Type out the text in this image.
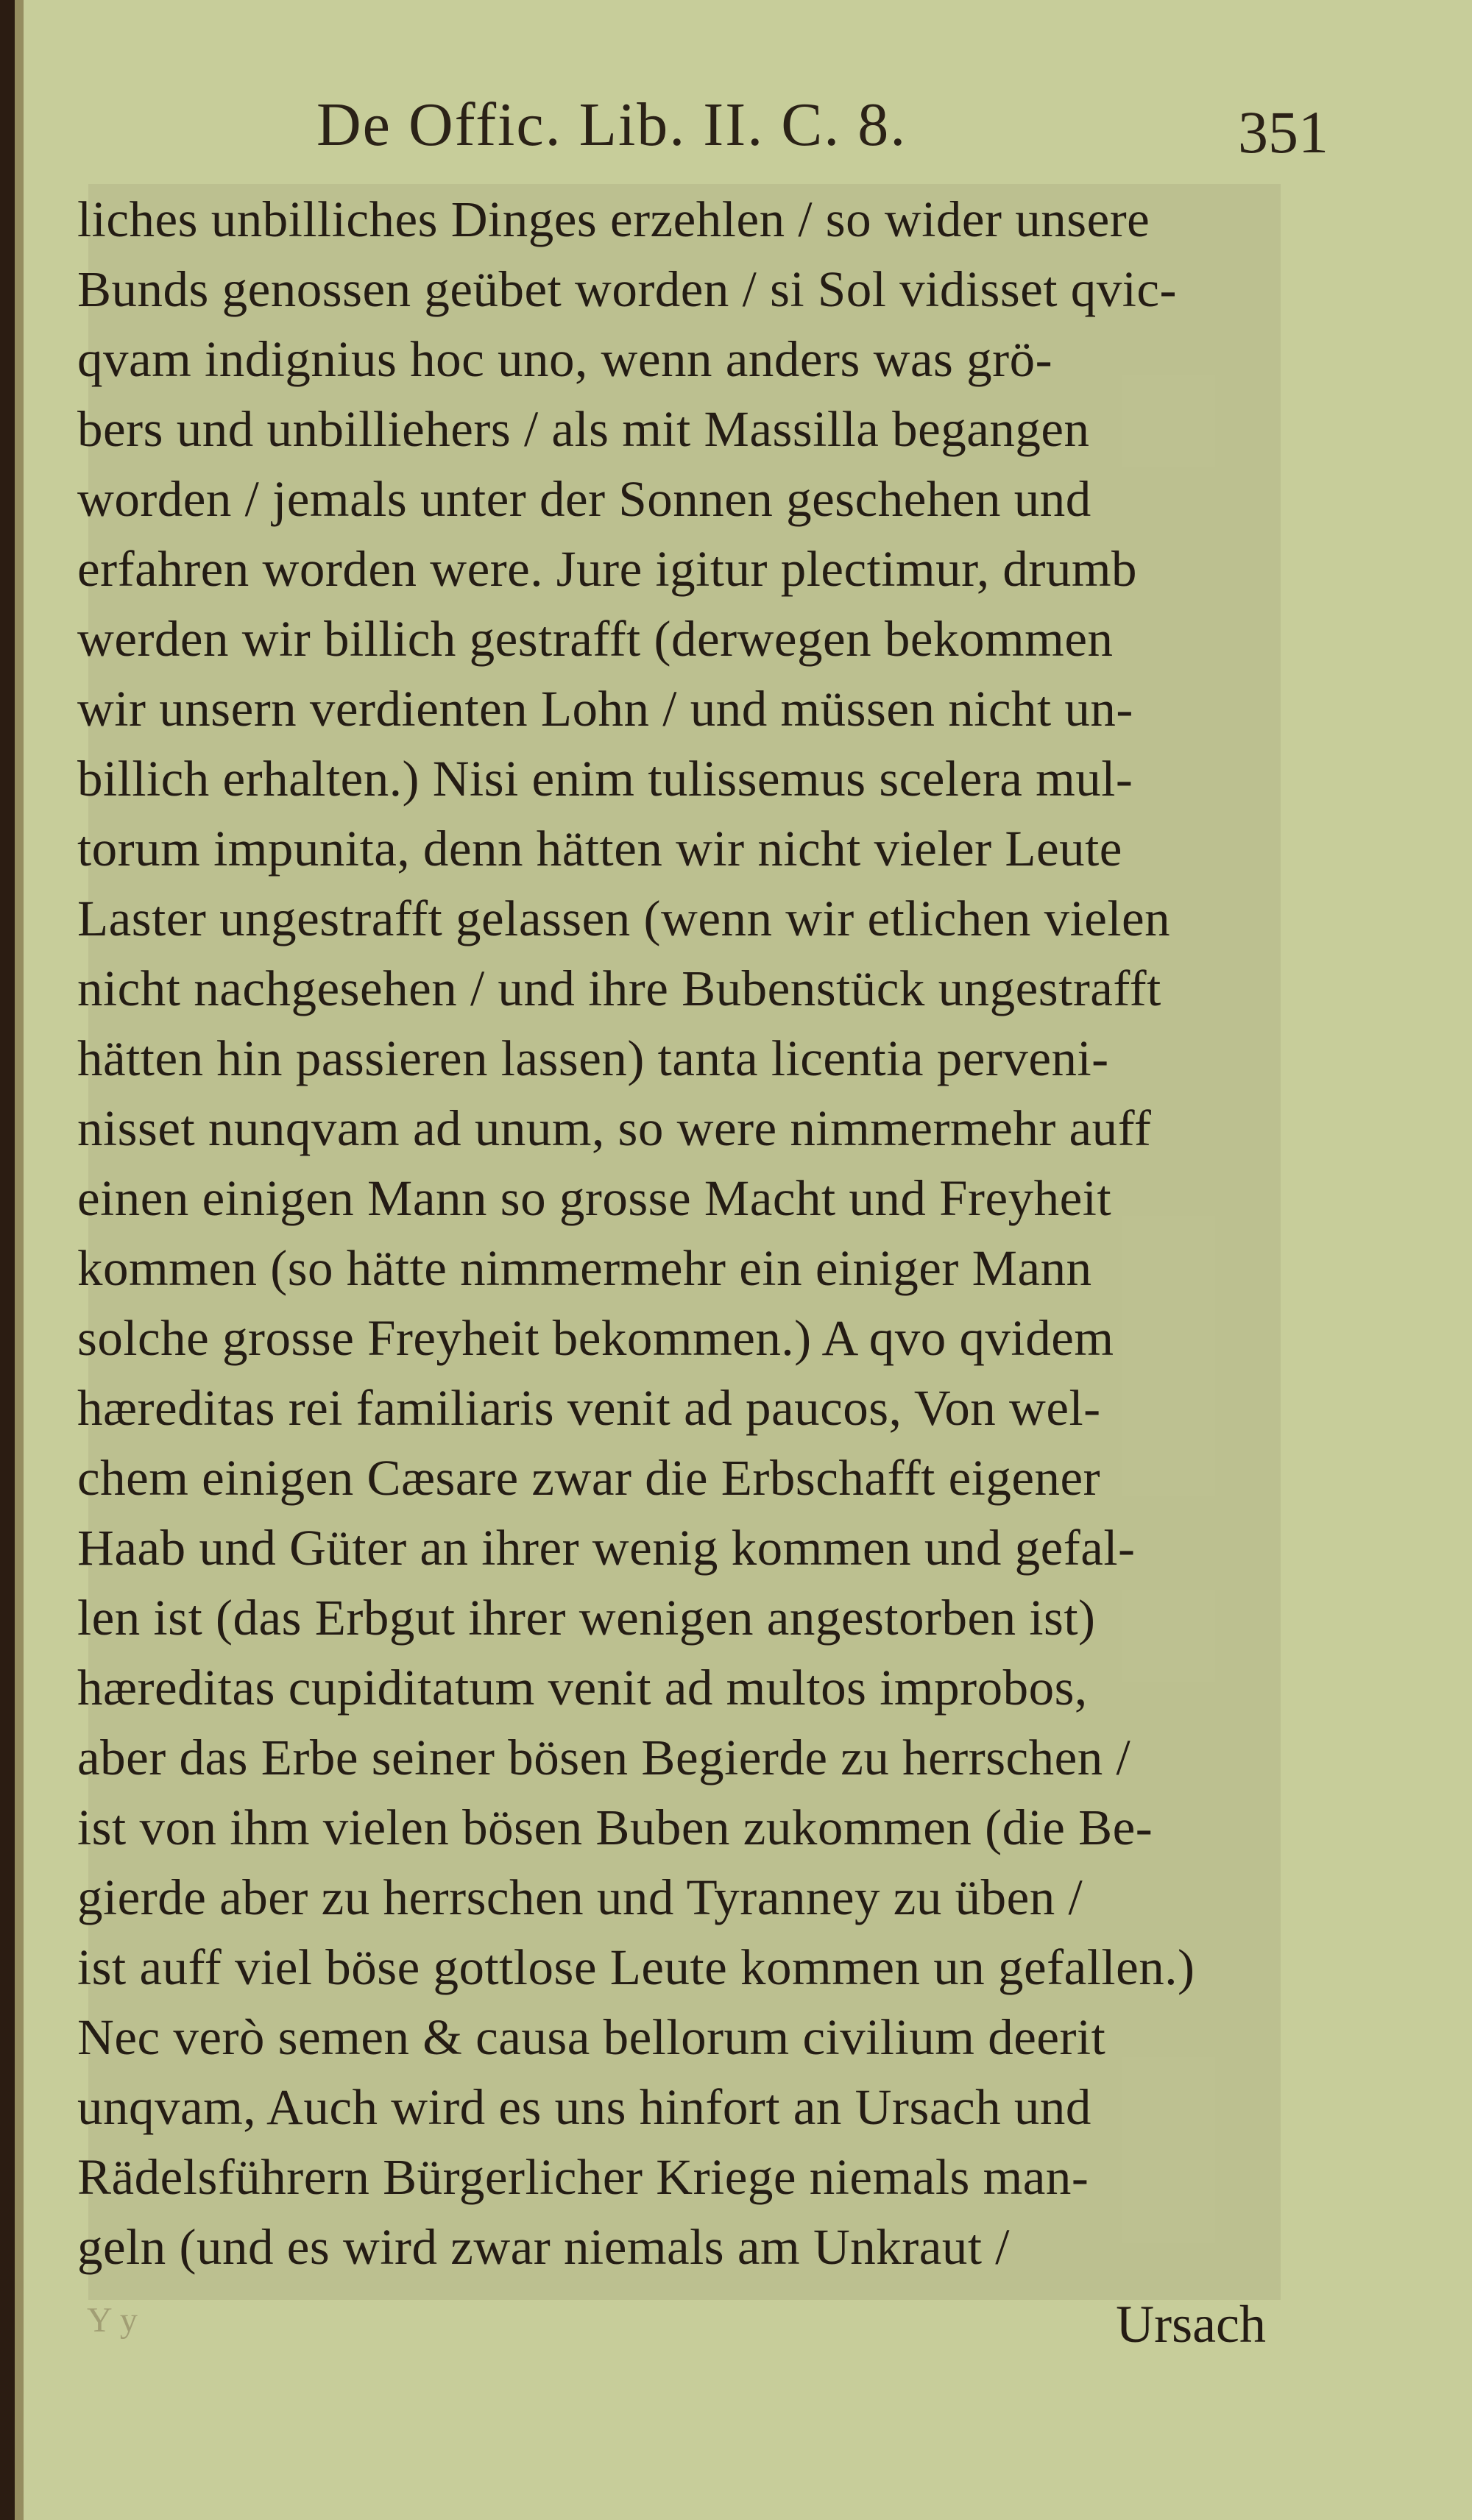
De Offic. Lib. II. C. 8.	351
liches unbilliches Dinges erzehlen / so wider unsere
Bunds genossen geübet worden / si Sol vidisset qvic-
qvam indignius hoc uno, wenn anders was grö-
bers und unbilliehers / als mit Massilla begangen
worden / jemals unter der Sonnen geschehen und
erfahren worden were. Jure igitur plectimur, drumb
werden wir billich gestrafft (derwegen bekommen
wir unsern verdienten Lohn / und müssen nicht un-
billich erhalten.) Nisi enim tulissemus scelera mul-
torum impunita, denn hätten wir nicht vieler Leute
Laster ungestrafft gelassen (wenn wir etlichen vielen
nicht nachgesehen / und ihre Bubenstück ungestrafft
hätten hin passieren lassen) tanta licentia perveni-
nisset nunqvam ad unum, so were nimmermehr auff
einen einigen Mann so grosse Macht und Freyheit
kommen (so hätte nimmermehr ein einiger Mann
solche grosse Freyheit bekommen.) A qvo qvidem
hæreditas rei familiaris venit ad paucos, Von wel-
chem einigen Cæsare zwar die Erbschafft eigener
Haab und Güter an ihrer wenig kommen und gefal-
len ist (das Erbgut ihrer wenigen angestorben ist)
hæreditas cupiditatum venit ad multos improbos,
aber das Erbe seiner bösen Begierde zu herrschen /
ist von ihm vielen bösen Buben zukommen (die Be-
gierde aber zu herrschen und Tyranney zu üben /
ist auff viel böse gottlose Leute kommen un gefallen.)
Nec verò semen & causa bellorum civilium deerit
unqvam, Auch wird es uns hinfort an Ursach und
Rädelsführern Bürgerlicher Kriege niemals man-
geln (und es wird zwar niemals am Unkraut /
Y y	Ursach
